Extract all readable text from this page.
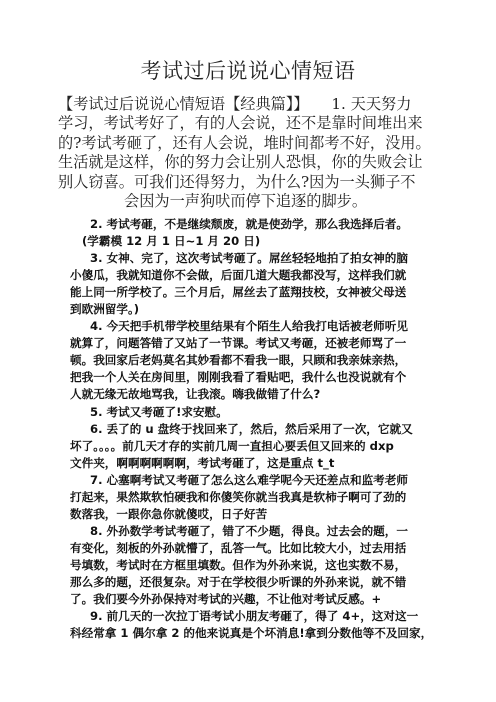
考试过后说说心情短语
【考试过后说说心情短语【经典篇】】　　1. 天天努力
学习，考试考好了，有的人会说，还不是靠时间堆出来
的?考试考砸了，还有人会说，堆时间都考不好，没用。
生活就是这样，你的努力会让别人恐惧，你的失败会让
别人窃喜。可我们还得努力，为什么?因为一头狮子不
会因为一声狗吠而停下追逐的脚步。
2. 考试考砸，不是继续颓废，就是使劲学，那么我选择后者。
(学霸模 12 月 1 日~1 月 20 日)
3. 女神、完了，这次考试考砸了。屌丝轻轻地拍了拍女神的脑
小傻瓜，我就知道你不会做，后面几道大题我都没写，这样我们就
能上同一所学校了。三个月后，屌丝去了蓝翔技校，女神被父母送
到欧洲留学。)
4. 今天把手机带学校里结果有个陌生人给我打电话被老师听见
就算了，问题答错了又站了一节课。考试又考砸，还被老师骂了一
顿。我回家后老妈莫名其妙看都不看我一眼，只顾和我亲妹亲热，
把我一个人关在房间里，刚刚我看了看贴吧，我什么也没说就有个
人就无缘无故地骂我，让我滚。嗨我做错了什么?
5. 考试又考砸了!求安慰。
6. 丢了的 u 盘终于找回来了，然后，然后采用了一次，它就又
坏了。。。。前几天才存的实前几周一直担心要丢但又回来的 dxp
文件夹，啊啊啊啊啊啊，考试考砸了，这是重点 t_t
7. 心塞啊考试又考砸了怎么这么难学呢今天还差点和监考老师
打起来，果然欺软怕硬我和你傻笑你就当我真是软柿子啊可了劲的
数落我，一跟你急你就傻哎，日子好苦
8. 外孙数学考试考砸了，错了不少题，得良。过去会的题，一
有变化，刻板的外孙就懵了，乱答一气。比如比较大小，过去用括
号填数，考试时在方框里填数。但作为外孙来说，这也实数不易，
那么多的题，还很复杂。对于在学校很少听课的外孙来说，就不错
了。我们要今外孙保持对考试的兴趣，不让他对考试反感。+
9. 前几天的一次拉丁语考试小朋友考砸了，得了 4+，这对这一
科经常拿 1 偶尔拿 2 的他来说真是个坏消息!拿到分数他等不及回家，
